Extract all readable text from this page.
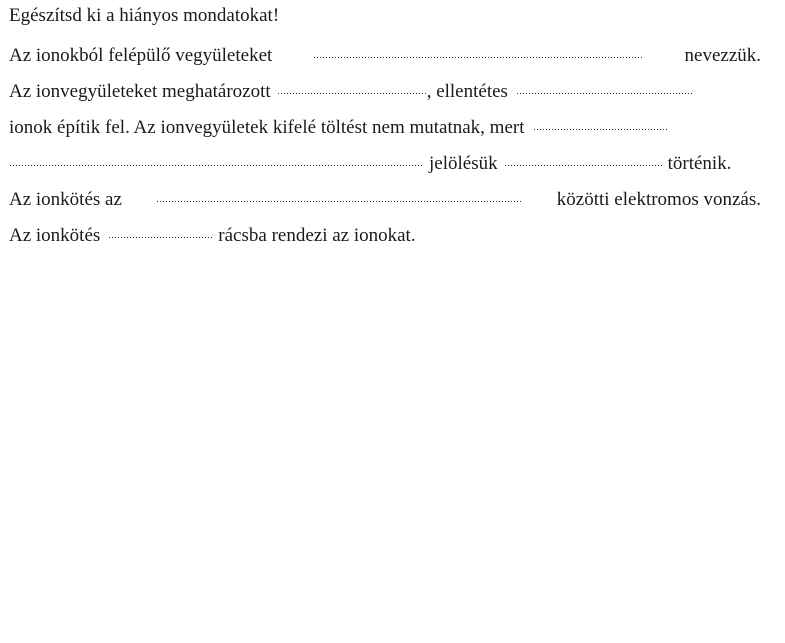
Egészítsd ki a hiányos mondatokat!
Az ionokból felépülő vegyületeket	nevezzük.
Az ionvegyületeket meghatározott	, ellentétes
ionok építik fel. Az ionvegyületek kifelé töltést nem mutatnak, mert
jelölésük	történik.
Az ionkötés az	közötti elektromos vonzás.
Az ionkötés	rácsba rendezi az ionokat.
